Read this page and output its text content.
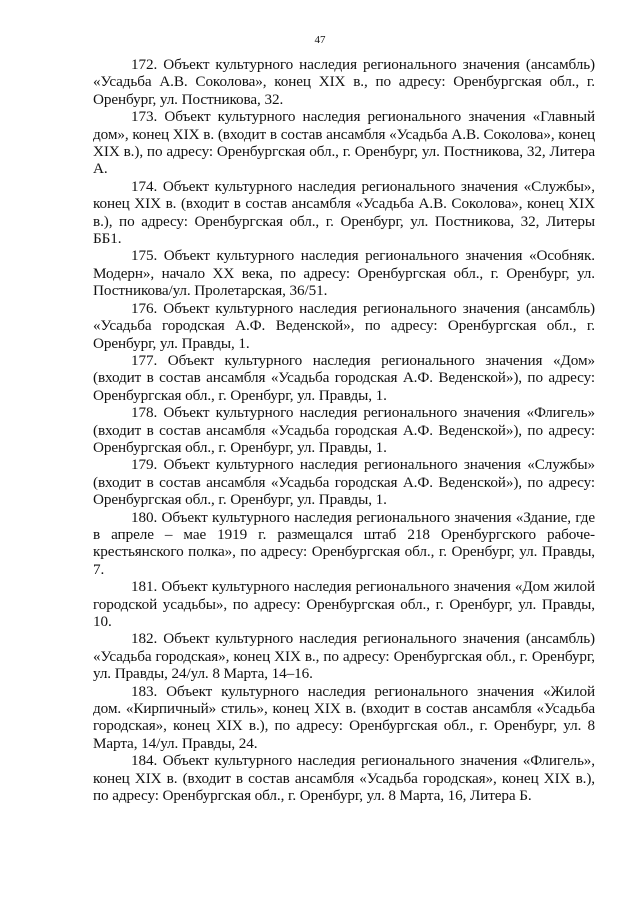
47

172. Объект культурного наследия регионального значения (ансамбль) «Усадьба А.В. Соколова», конец XIX в., по адресу: Оренбургская обл., г. Оренбург, ул. Постникова, 32.

173. Объект культурного наследия регионального значения «Главный дом», конец XIX в. (входит в состав ансамбля «Усадьба А.В. Соколова», конец XIX в.), по адресу: Оренбургская обл., г. Оренбург, ул. Постникова, 32, Литера А.

174. Объект культурного наследия регионального значения «Службы», конец XIX в. (входит в состав ансамбля «Усадьба А.В. Соколова», конец XIX в.), по адресу: Оренбургская обл., г. Оренбург, ул. Постникова, 32, Литеры ББ1.

175. Объект культурного наследия регионального значения «Особняк. Модерн», начало XX века, по адресу: Оренбургская обл., г. Оренбург, ул. Постникова/ул. Пролетарская, 36/51.

176. Объект культурного наследия регионального значения (ансамбль) «Усадьба городская А.Ф. Веденской», по адресу: Оренбургская обл., г. Оренбург, ул. Правды, 1.

177. Объект культурного наследия регионального значения «Дом» (входит в состав ансамбля «Усадьба городская А.Ф. Веденской»), по адресу: Оренбургская обл., г. Оренбург, ул. Правды, 1.

178. Объект культурного наследия регионального значения «Флигель» (входит в состав ансамбля «Усадьба городская А.Ф. Веденской»), по адресу: Оренбургская обл., г. Оренбург, ул. Правды, 1.

179. Объект культурного наследия регионального значения «Службы» (входит в состав ансамбля «Усадьба городская А.Ф. Веденской»), по адресу: Оренбургская обл., г. Оренбург, ул. Правды, 1.

180. Объект культурного наследия регионального значения «Здание, где в апреле – мае 1919 г. размещался штаб 218 Оренбургского рабоче-крестьянского полка», по адресу: Оренбургская обл., г. Оренбург, ул. Правды, 7.

181. Объект культурного наследия регионального значения «Дом жилой городской усадьбы», по адресу: Оренбургская обл., г. Оренбург, ул. Правды, 10.

182. Объект культурного наследия регионального значения (ансамбль) «Усадьба городская», конец XIX в., по адресу: Оренбургская обл., г. Оренбург, ул. Правды, 24/ул. 8 Марта, 14–16.

183. Объект культурного наследия регионального значения «Жилой дом. «Кирпичный» стиль», конец XIX в. (входит в состав ансамбля «Усадьба городская», конец XIX в.), по адресу: Оренбургская обл., г. Оренбург, ул. 8 Марта, 14/ул. Правды, 24.

184. Объект культурного наследия регионального значения «Флигель», конец XIX в. (входит в состав ансамбля «Усадьба городская», конец XIX в.), по адресу: Оренбургская обл., г. Оренбург, ул. 8 Марта, 16, Литера Б.
